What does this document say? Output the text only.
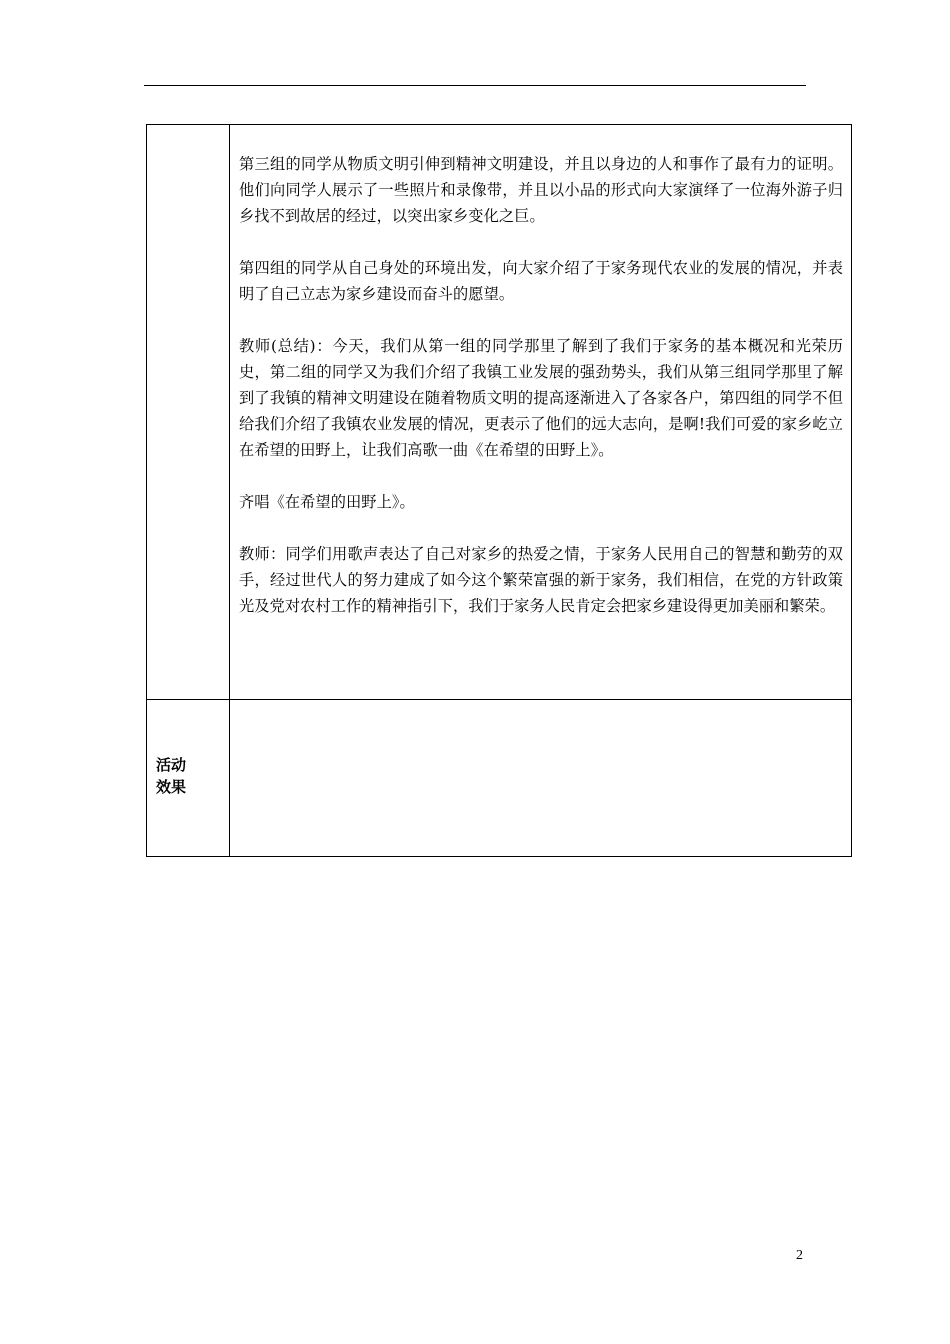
	第三组的同学从物质文明引伸到精神文明建设，并且以身边的人和事作了最有力的证明。他们向同学人展示了一些照片和录像带，并且以小品的形式向大家演绎了一位海外游子归乡找不到故居的经过，以突出家乡变化之巨。

第四组的同学从自己身处的环境出发，向大家介绍了于家务现代农业的发展的情况，并表明了自己立志为家乡建设而奋斗的愿望。

教师(总结)：今天，我们从第一组的同学那里了解到了我们于家务的基本概况和光荣历史，第二组的同学又为我们介绍了我镇工业发展的强劲势头，我们从第三组同学那里了解到了我镇的精神文明建设在随着物质文明的提高逐渐进入了各家各户，第四组的同学不但给我们介绍了我镇农业发展的情况，更表示了他们的远大志向，是啊!我们可爱的家乡屹立在希望的田野上，让我们高歌一曲《在希望的田野上》。

齐唱《在希望的田野上》。

教师：同学们用歌声表达了自己对家乡的热爱之情，于家务人民用自己的智慧和勤劳的双手，经过世代人的努力建成了如今这个繁荣富强的新于家务，我们相信，在党的方针政策光及党对农村工作的精神指引下，我们于家务人民肯定会把家乡建设得更加美丽和繁荣。

活动效果	

2
